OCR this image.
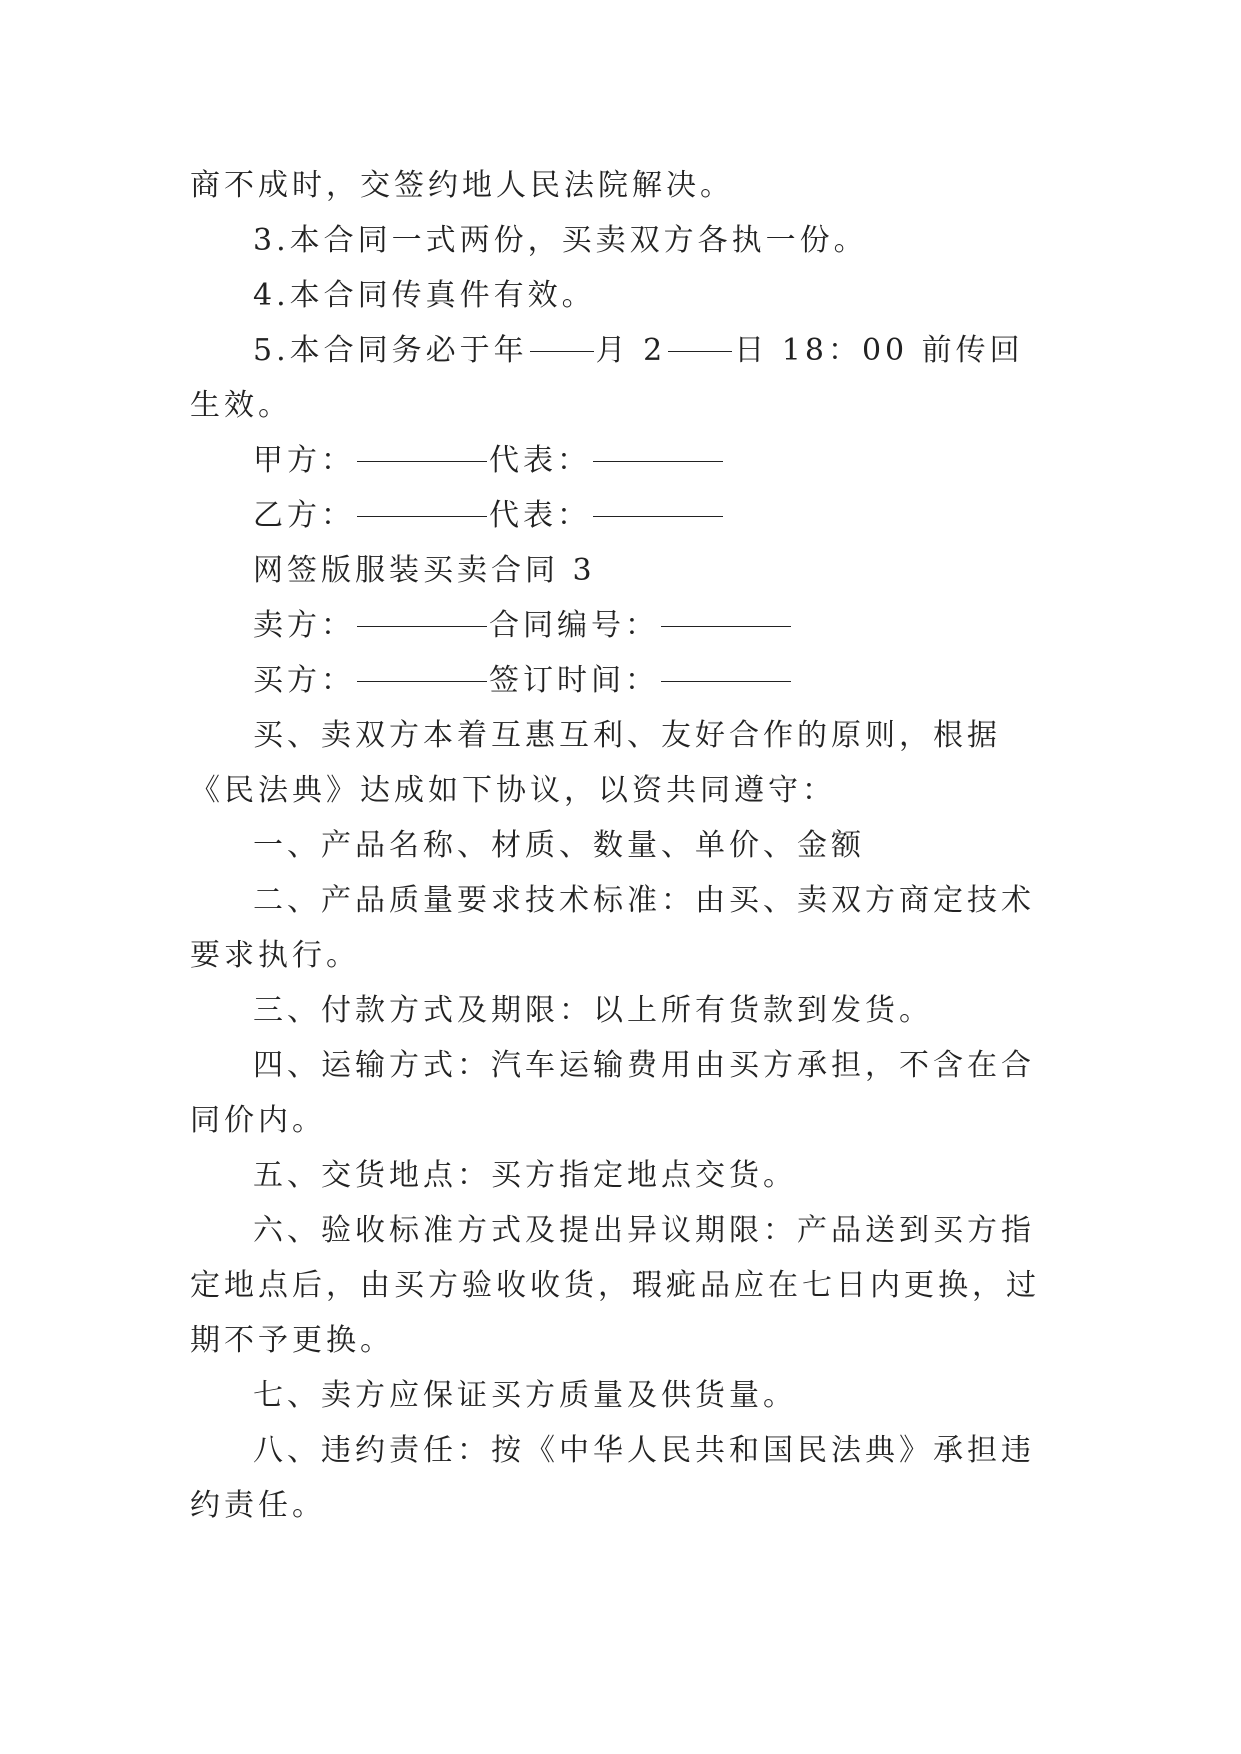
商不成时，交签约地人民法院解决。

3.本合同一式两份，买卖双方各执一份。

4.本合同传真件有效。

5.本合同务必于年 月 2 日 18：00 前传回生效。

甲方：	代表：

乙方：	代表：

网签版服装买卖合同 3

卖方：	合同编号：

买方：	签订时间：

买、卖双方本着互惠互利、友好合作的原则，根据《民法典》达成如下协议，以资共同遵守：

一、产品名称、材质、数量、单价、金额

二、产品质量要求技术标准：由买、卖双方商定技术要求执行。

三、付款方式及期限：以上所有货款到发货。

四、运输方式：汽车运输费用由买方承担，不含在合同价内。

五、交货地点：买方指定地点交货。

六、验收标准方式及提出异议期限：产品送到买方指定地点后，由买方验收收货，瑕疵品应在七日内更换，过期不予更换。

七、卖方应保证买方质量及供货量。

八、违约责任：按《中华人民共和国民法典》承担违约责任。
